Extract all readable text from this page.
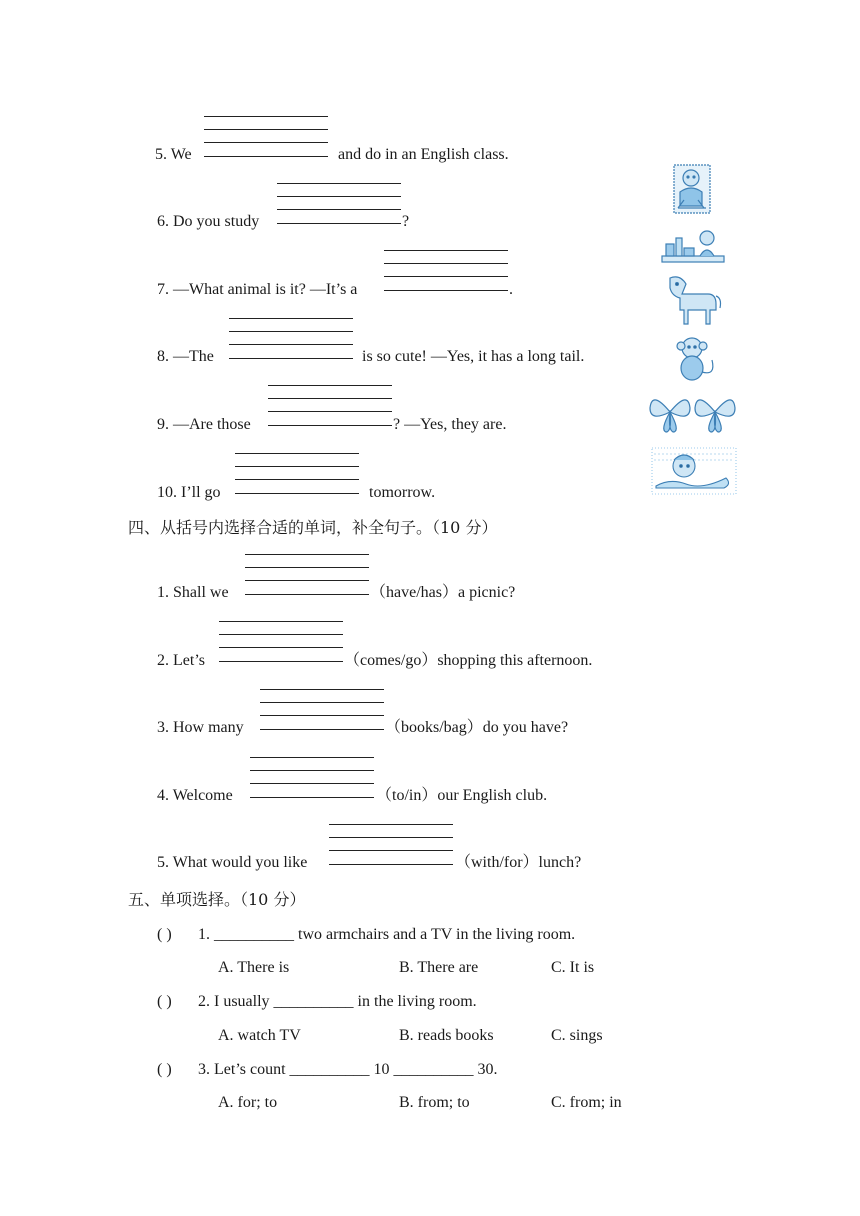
5. We	and do in an English class.
6. Do you study	?
7. —What animal is it? —It’s a	.
8. —The	is so cute! —Yes, it has a long tail.
9. —Are those	? —Yes, they are.
10. I’ll go	tomorrow.
四、从括号内选择合适的单词，补全句子。（10 分）
1. Shall we	（have/has）a picnic?
2. Let’s	（comes/go）shopping this afternoon.
3. How many	（books/bag）do you have?
4. Welcome	（to/in）our English club.
5. What would you like	（with/for）lunch?
五、单项选择。（10 分）
( ) 1. __________ two armchairs and a TV in the living room.
A. There is	B. There are	C. It is
( ) 2. I usually __________ in the living room.
A. watch TV	B. reads books	C. sings
( ) 3. Let’s count __________ 10 __________ 30.
A. for; to	B. from; to	C. from; in
